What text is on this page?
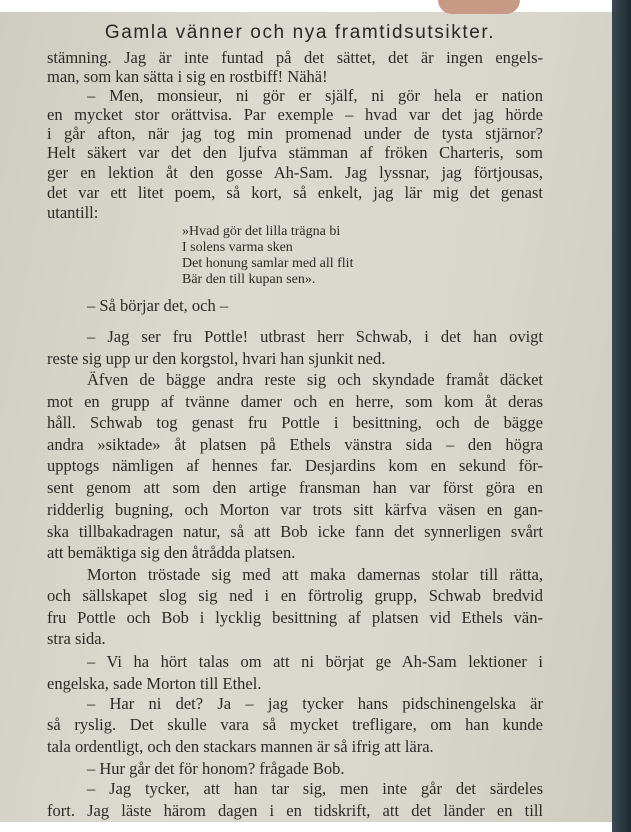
Gamla vänner och nya framtidsutsikter.
stämning. Jag är inte funtad på det sättet, det är ingen engels-
man, som kan sätta i sig en rostbiff! Nähä!
– Men, monsieur, ni gör er själf, ni gör hela er nation
en mycket stor orättvisa. Par exemple – hvad var det jag hörde
i går afton, när jag tog min promenad under de tysta stjärnor?
Helt säkert var det den ljufva stämman af fröken Charteris, som
ger en lektion åt den gosse Ah-Sam. Jag lyssnar, jag förtjousas,
det var ett litet poem, så kort, så enkelt, jag lär mig det genast
utantill:
»Hvad gör det lilla trägna bi
I solens varma sken
Det honung samlar med all flit
Bär den till kupan sen».
– Så börjar det, och –
– Jag ser fru Pottle! utbrast herr Schwab, i det han ovigt
reste sig upp ur den korgstol, hvari han sjunkit ned.
Äfven de bägge andra reste sig och skyndade framåt däcket
mot en grupp af tvänne damer och en herre, som kom åt deras
håll. Schwab tog genast fru Pottle i besittning, och de bägge
andra »siktade» åt platsen på Ethels vänstra sida – den högra
upptogs nämligen af hennes far. Desjardins kom en sekund för-
sent genom att som den artige fransman han var först göra en
ridderlig bugning, och Morton var trots sitt kärfva väsen en gan-
ska tillbakadragen natur, så att Bob icke fann det synnerligen svårt
att bemäktiga sig den åtrådda platsen.
Morton tröstade sig med att maka damernas stolar till rätta,
och sällskapet slog sig ned i en förtrolig grupp, Schwab bredvid
fru Pottle och Bob i lycklig besittning af platsen vid Ethels vän-
stra sida.
– Vi ha hört talas om att ni börjat ge Ah-Sam lektioner i
engelska, sade Morton till Ethel.
– Har ni det? Ja – jag tycker hans pidschinengelska är
så ryslig. Det skulle vara så mycket trefligare, om han kunde
tala ordentligt, och den stackars mannen är så ifrig att lära.
– Hur går det för honom? frågade Bob.
– Jag tycker, att han tar sig, men inte går det särdeles
fort. Jag läste härom dagen i en tidskrift, att det länder en till
